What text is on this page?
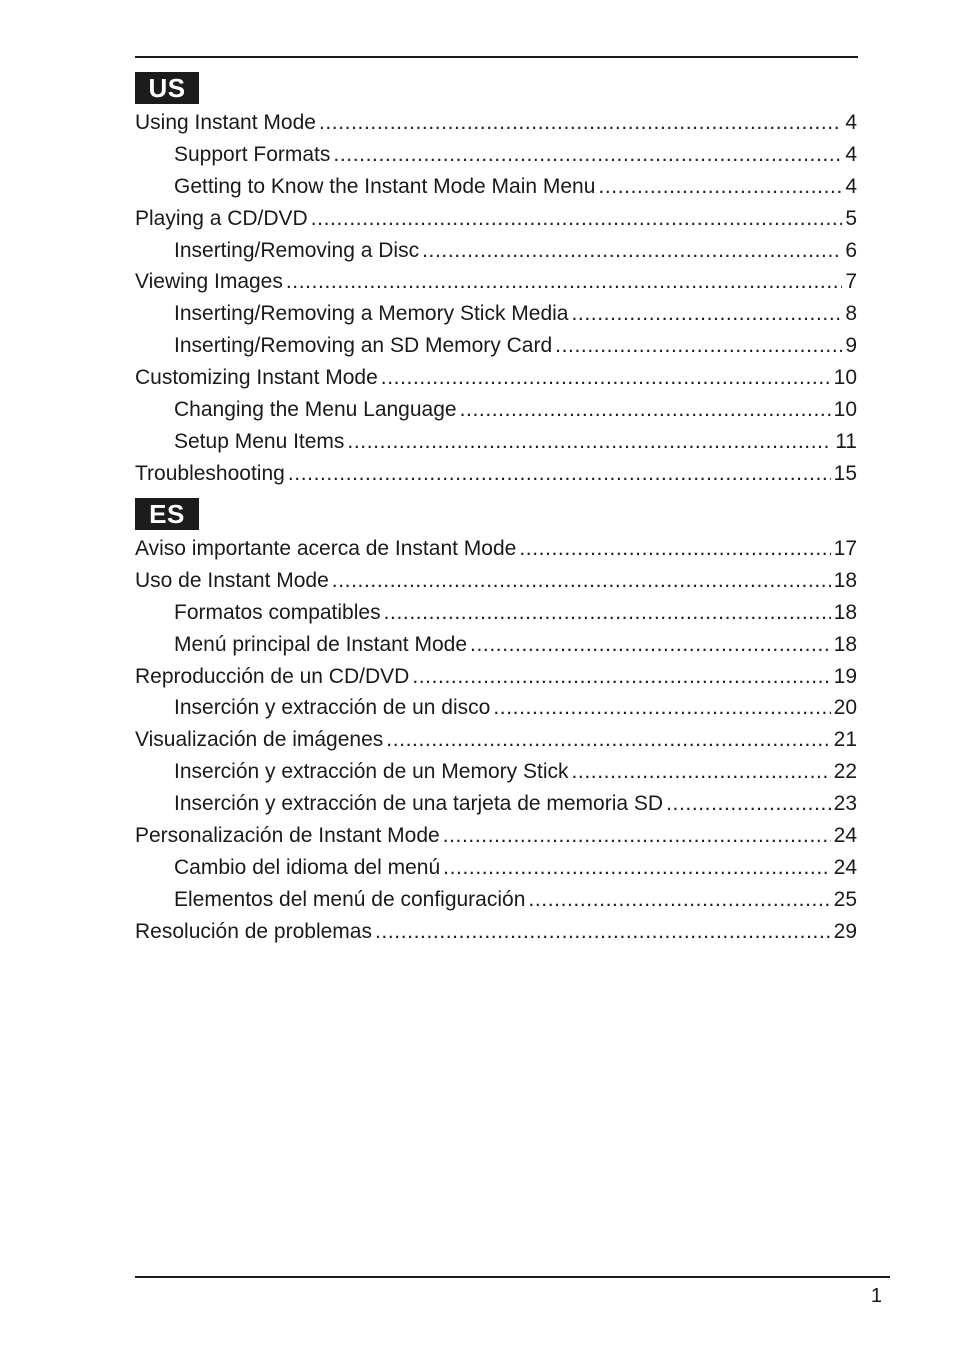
US
Using Instant Mode .....	4
Support Formats .....	4
Getting to Know the Instant Mode Main Menu .....	4
Playing a CD/DVD .....	5
Inserting/Removing a Disc .....	6
Viewing Images .....	7
Inserting/Removing a Memory Stick Media .....	8
Inserting/Removing an SD Memory Card .....	9
Customizing Instant Mode .....	10
Changing the Menu Language .....	10
Setup Menu Items .....	11
Troubleshooting .....	15
ES
Aviso importante acerca de Instant Mode .....	17
Uso de Instant Mode .....	18
Formatos compatibles .....	18
Menú principal de Instant Mode .....	18
Reproducción de un CD/DVD .....	19
Inserción y extracción de un disco .....	20
Visualización de imágenes .....	21
Inserción y extracción de un Memory Stick .....	22
Inserción y extracción de una tarjeta de memoria SD .....	23
Personalización de Instant Mode .....	24
Cambio del idioma del menú .....	24
Elementos del menú de configuración .....	25
Resolución de problemas .....	29
1
